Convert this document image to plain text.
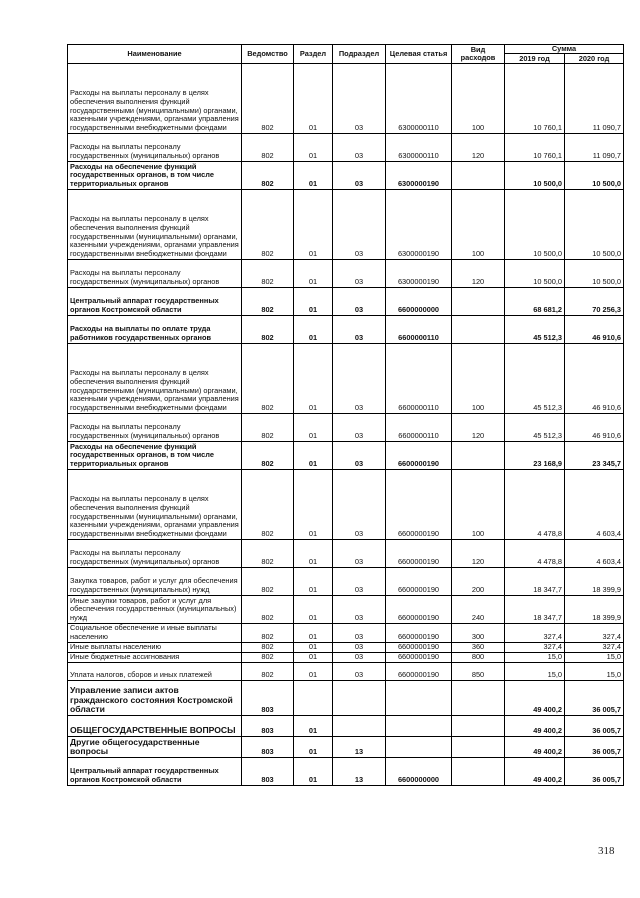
Наименование	Ведомство	Раздел	Подраздел	Целевая статья	Вид расходов	Сумма	
						2019 год	2020 год
Расходы на выплаты персоналу в целях обеспечения выполнения функций государственными (муниципальными) органами, казенными учреждениями, органами управления государственными внебюджетными фондами	802	01	03	6300000110	100	10 760,1	11 090,7
Расходы на выплаты персоналу государственных (муниципальных) органов	802	01	03	6300000110	120	10 760,1	11 090,7
Расходы на обеспечение функций государственных органов, в том числе территориальных органов	802	01	03	6300000190		10 500,0	10 500,0
Расходы на выплаты персоналу в целях обеспечения выполнения функций государственными (муниципальными) органами, казенными учреждениями, органами управления государственными внебюджетными фондами	802	01	03	6300000190	100	10 500,0	10 500,0
Расходы на выплаты персоналу государственных (муниципальных) органов	802	01	03	6300000190	120	10 500,0	10 500,0
Центральный аппарат государственных органов Костромской области	802	01	03	6600000000		68 681,2	70 256,3
Расходы на выплаты по оплате труда работников государственных органов	802	01	03	6600000110		45 512,3	46 910,6
Расходы на выплаты персоналу в целях обеспечения выполнения функций государственными (муниципальными) органами, казенными учреждениями, органами управления государственными внебюджетными фондами	802	01	03	6600000110	100	45 512,3	46 910,6
Расходы на выплаты персоналу государственных (муниципальных) органов	802	01	03	6600000110	120	45 512,3	46 910,6
Расходы на обеспечение функций государственных органов, в том числе территориальных органов	802	01	03	6600000190		23 168,9	23 345,7
Расходы на выплаты персоналу в целях обеспечения выполнения функций государственными (муниципальными) органами, казенными учреждениями, органами управления государственными внебюджетными фондами	802	01	03	6600000190	100	4 478,8	4 603,4
Расходы на выплаты персоналу государственных (муниципальных) органов	802	01	03	6600000190	120	4 478,8	4 603,4
Закупка товаров, работ и услуг для обеспечения государственных (муниципальных) нужд	802	01	03	6600000190	200	18 347,7	18 399,9
Иные закупки товаров, работ и услуг для обеспечения государственных (муниципальных) нужд	802	01	03	6600000190	240	18 347,7	18 399,9
Социальное обеспечение и иные выплаты населению	802	01	03	6600000190	300	327,4	327,4
Иные выплаты населению	802	01	03	6600000190	360	327,4	327,4
Иные бюджетные ассигнования	802	01	03	6600000190	800	15,0	15,0
Уплата налогов, сборов и иных платежей	802	01	03	6600000190	850	15,0	15,0
Управление записи актов гражданского состояния Костромской области	803					49 400,2	36 005,7
ОБЩЕГОСУДАРСТВЕННЫЕ ВОПРОСЫ	803	01				49 400,2	36 005,7
Другие общегосударственные вопросы	803	01	13			49 400,2	36 005,7
Центральный аппарат государственных органов Костромской области	803	01	13	6600000000		49 400,2	36 005,7
318
